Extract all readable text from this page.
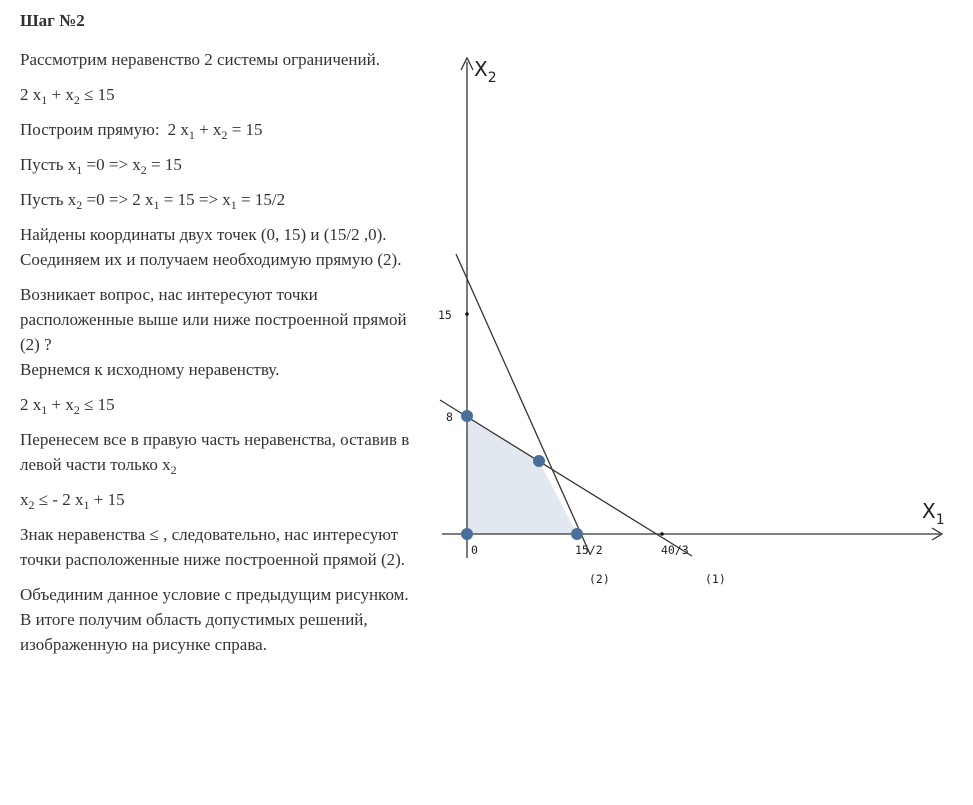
Шаг №2

Рассмотрим неравенство 2 системы ограничений.

2 $x_1 + x_2 \le 15$

Построим прямую: 2 $x_1 + x_2 = 15$

Пусть $x_1 =0 => x_2 = 15$

Пусть $x_2 =0 => 2$ $x_1 = 15 => x_1 = 15/2$

Найдены координаты двух точек (0, 15) и (15/2 ,0). Соединяем их и получаем необходимую прямую (2).

Возникает вопрос, нас интересуют точки расположенные выше или ниже построенной прямой (2) ?
Вернемся к исходному неравенству.

2 $x_1 + x_2 \le 15$

Перенесем все в правую часть неравенства, оставив в левой части только $x_2$

$x_2$ ≤ - 2 $x_1 + 15$

Знак неравенства ≤ , следовательно, нас интересуют точки расположенные ниже построенной прямой (2).

Объединим данное условие с предыдущим рисунком. В итоге получим область допустимых решений, изображенную на рисунке справа.

15
8
0	15/2	40/3
(2)	(1)
$X_2$
$X_1$
